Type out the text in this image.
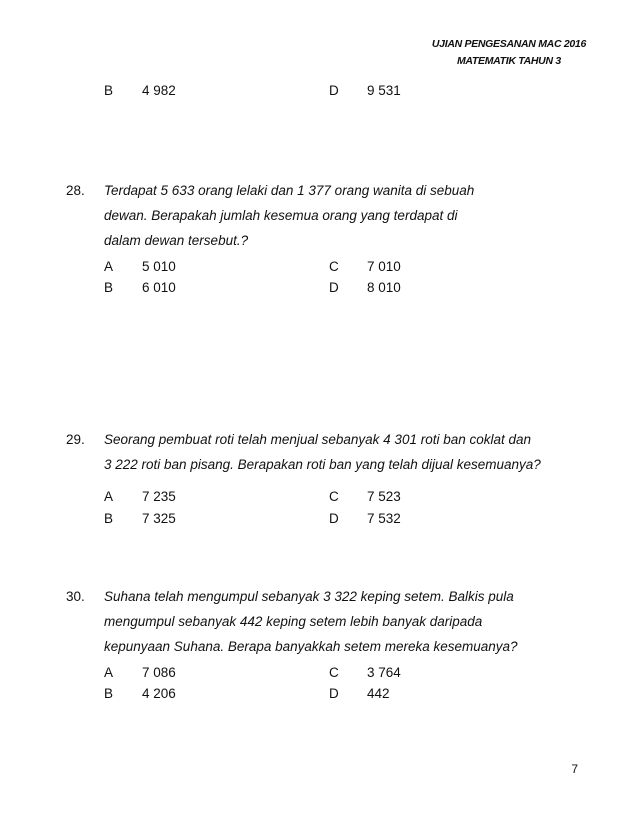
UJIAN PENGESANAN MAC 2016
MATEMATIK TAHUN 3
B 4 982	D 9 531
28. Terdapat 5 633 orang lelaki dan 1 377 orang wanita di sebuah
dewan. Berapakah jumlah kesemua orang yang terdapat di
dalam dewan tersebut.?
A 5 010	C 7 010
B 6 010	D 8 010
29. Seorang pembuat roti telah menjual sebanyak 4 301 roti ban coklat dan
3 222 roti ban pisang. Berapakan roti ban yang telah dijual kesemuanya?
A 7 235	C 7 523
B 7 325	D 7 532
30. Suhana telah mengumpul sebanyak 3 322 keping setem. Balkis pula
mengumpul sebanyak 442 keping setem lebih banyak daripada
kepunyaan Suhana. Berapa banyakkah setem mereka kesemuanya?
A 7 086	C 3 764
B 4 206	D 442
7
